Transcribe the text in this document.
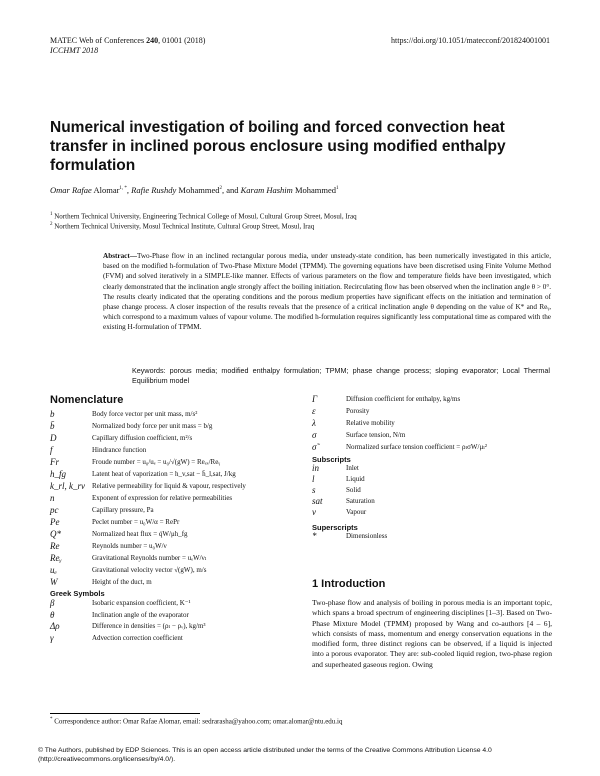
MATEC Web of Conferences 240, 01001 (2018)
ICCHMT 2018
https://doi.org/10.1051/matecconf/201824001001
Numerical investigation of boiling and forced convection heat transfer in inclined porous enclosure using modified enthalpy formulation
Omar Rafae Alomar$^{1, *}$, Rafie Rushdy Mohammed$^2$, and Karam Hashim Mohammed$^1$
$^1$ Northern Technical University, Engineering Technical College of Mosul, Cultural Group Street, Mosul, Iraq
$^2$ Northern Technical University, Mosul Technical Institute, Cultural Group Street, Mosul, Iraq
Abstract—Two-Phase flow in an inclined rectangular porous media, under unsteady-state condition, has been numerically investigated in this article, based on the modified h-formulation of Two-Phase Mixture Model (TPMM). The governing equations have been discretised using Finite Volume Method (FVM) and solved iteratively in a SIMPLE-like manner. Effects of various parameters on the flow and temperature fields have been investigated, which clearly demonstrated that the inclination angle strongly affect the boiling initiation. Recirculating flow has been observed when the inclination angle θ > 0°. The results clearly indicated that the operating conditions and the porous medium properties have significant effects on the initiation and termination of phase change process. A closer inspection of the results reveals that the presence of a critical inclination angle θ depending on the value of K* and Reᵧ, which correspond to a maximum values of vapour volume. The modified h-formulation requires significantly less computational time as compared with the existing H-formulation of TPMM.
Keywords: porous media; modified enthalpy formulation; TPMM; phase change process; sloping evaporator; Local Thermal Equilibrium model
Nomenclature
b	Body force vector per unit mass, m/s²
b̄	Normalized body force per unit mass = b/g
D	Capillary diffusion coefficient, m²/s
f	Hindrance function
Fr	Froude number = u₀/uₑ = u₀/√(gW) = Reₑₓ/Reᵧ
h_fg	Latent heat of vaporization = h_v,sat − h̄_l,sat, J/kg
k_rl, k_rv Relative permeability for liquid & vapour, respectively
n	Exponent of expression for relative permeabilities
pc	Capillary pressure, Pa
Pe	Peclet number = u₀W/α = RePr
Q*	Normalized heat flux = q̇W/μh_fg
Re	Reynolds number = u₀W/ν
Reᵧ	Gravitational Reynolds number = uₑW/νₗ
uₑ	Gravitational velocity vector √(gW), m/s
W	Height of the duct, m
Greek Symbols
β	Isobaric expansion coefficient, K⁻¹
θ	Inclination angle of the evaporator
Δρ	Difference in densities = (ρₗ − ρᵥ), kg/m³
γ	Advection correction coefficient
Γ	Diffusion coefficient for enthalpy, kg/ms
ε	Porosity
λ	Relative mobility
σ	Surface tension, N/m
σ̃	Normalized surface tension coefficient = ρₗσW/μₗ²
Subscripts
in	Inlet
l	Liquid
s	Solid
sat	Saturation
v	Vapour
Superscripts
*	Dimensionless
1 Introduction
Two-phase flow and analysis of boiling in porous media is an important topic, which spans a broad spectrum of engineering disciplines [1–3]. Based on Two-Phase Mixture Model (TPMM) proposed by Wang and co-authors [4 – 6], which consists of mass, momentum and energy conservation equations in the modified form, three distinct regions can be observed, if a liquid is injected into a porous evaporator. They are: sub-cooled liquid region, two-phase region and superheated gaseous region. Owing
* Correspondence author: Omar Rafae Alomar, email: sedrarasha@yahoo.com; omar.alomar@ntu.edu.iq
© The Authors, published by EDP Sciences. This is an open access article distributed under the terms of the Creative Commons Attribution License 4.0 (http://creativecommons.org/licenses/by/4.0/).
